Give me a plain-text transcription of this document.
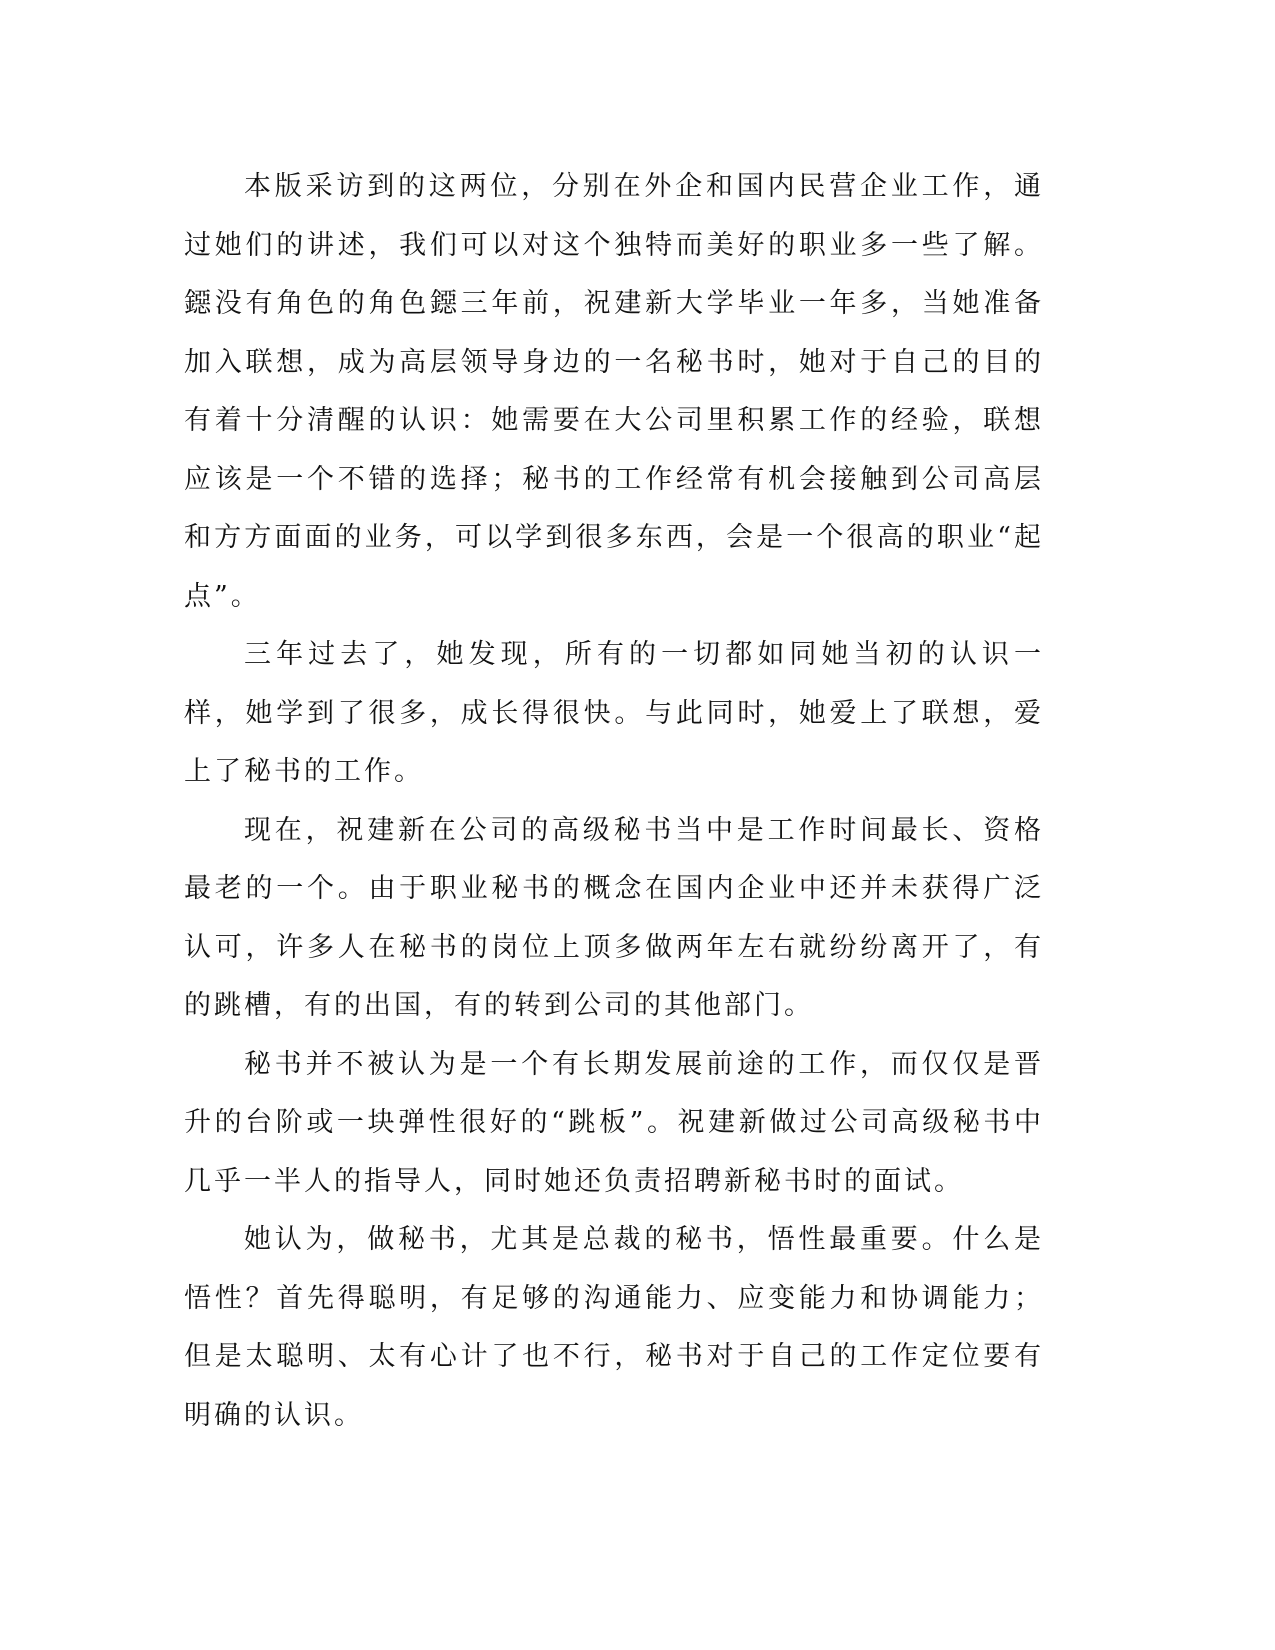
本版采访到的这两位，分别在外企和国内民营企业工作，通过她们的讲述，我们可以对这个独特而美好的职业多一些了解。鐚没有角色的角色鐚三年前，祝建新大学毕业一年多，当她准备加入联想，成为高层领导身边的一名秘书时，她对于自己的目的有着十分清醒的认识：她需要在大公司里积累工作的经验，联想应该是一个不错的选择；秘书的工作经常有机会接触到公司高层和方方面面的业务，可以学到很多东西，会是一个很高的职业“起点”。

三年过去了，她发现，所有的一切都如同她当初的认识一样，她学到了很多，成长得很快。与此同时，她爱上了联想，爱上了秘书的工作。

现在，祝建新在公司的高级秘书当中是工作时间最长、资格最老的一个。由于职业秘书的概念在国内企业中还并未获得广泛认可，许多人在秘书的岗位上顶多做两年左右就纷纷离开了，有的跳槽，有的出国，有的转到公司的其他部门。

秘书并不被认为是一个有长期发展前途的工作，而仅仅是晋升的台阶或一块弹性很好的“跳板”。祝建新做过公司高级秘书中几乎一半人的指导人，同时她还负责招聘新秘书时的面试。

她认为，做秘书，尤其是总裁的秘书，悟性最重要。什么是悟性？首先得聪明，有足够的沟通能力、应变能力和协调能力；但是太聪明、太有心计了也不行，秘书对于自己的工作定位要有明确的认识。
